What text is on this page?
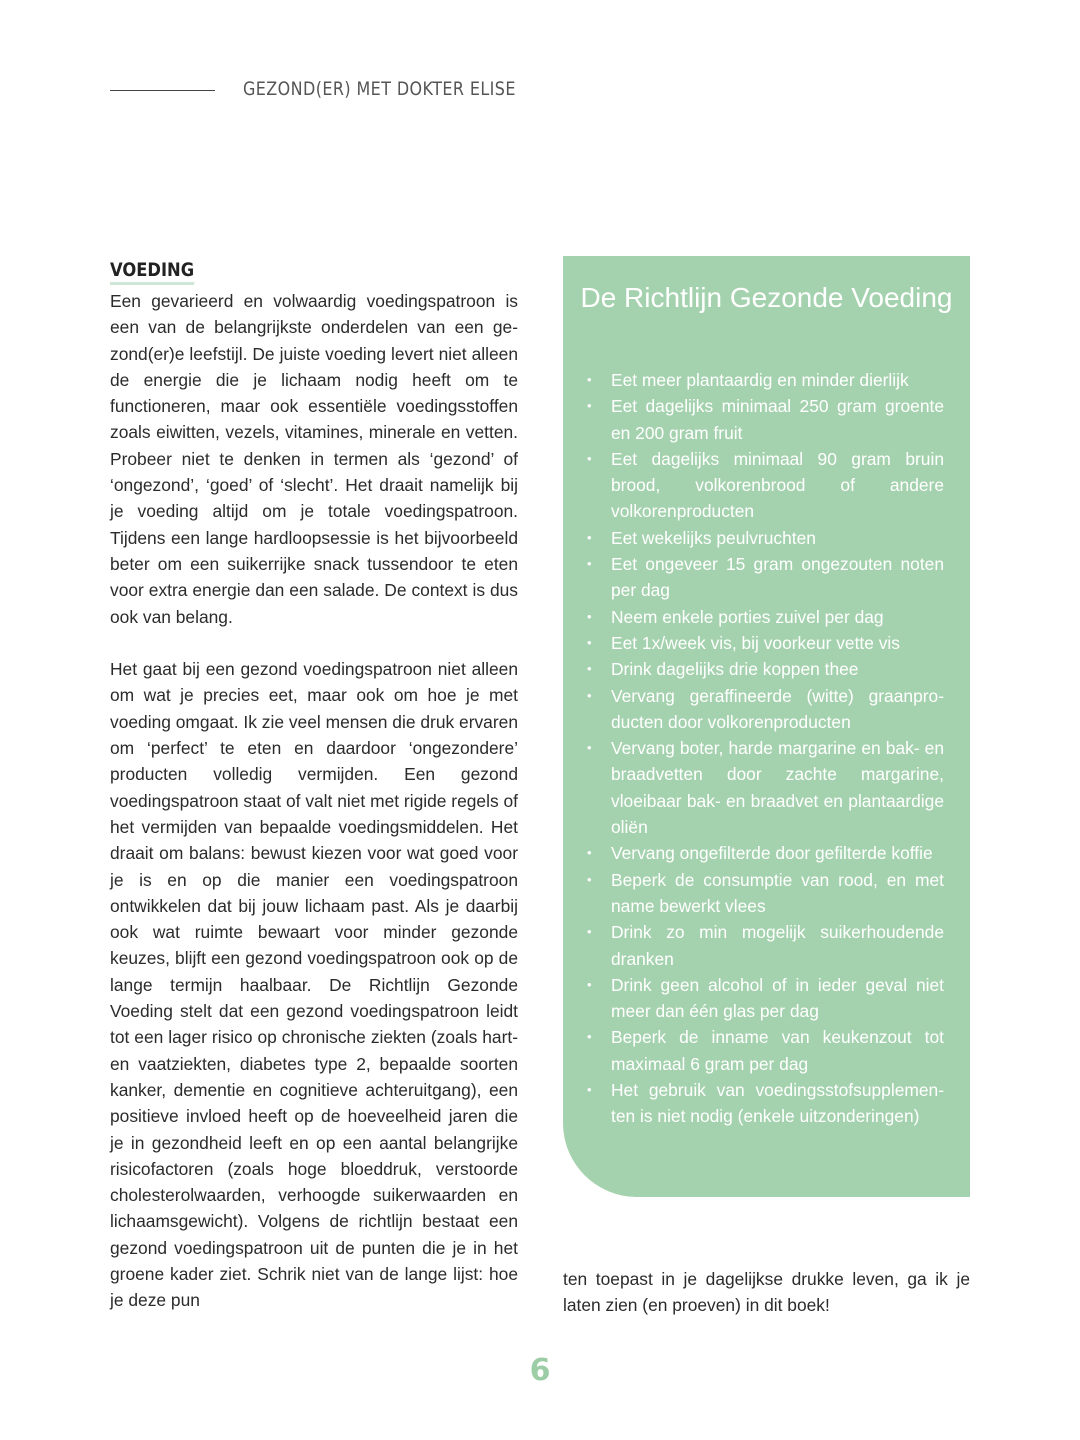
GEZOND(ER) MET DOKTER ELISE
VOEDING

Een gevarieerd en volwaardig voedingspatroon is een van de belangrijkste onderdelen van een gezond(er)e leefstijl. De juiste voeding levert niet alleen de energie die je lichaam nodig heeft om te functioneren, maar ook essentiële voedingsstoffen zoals eiwitten, vezels, vitamines, minerale en vetten. Probeer niet te denken in termen als ‘gezond’ of ‘ongezond’, ‘goed’ of ‘slecht’. Het draait namelijk bij je voeding altijd om je totale voedingspatroon. Tijdens een lange hardloopsessie is het bijvoorbeeld beter om een suikerrijke snack tussendoor te eten voor extra energie dan een salade. De context is dus ook van belang.

Het gaat bij een gezond voedingspatroon niet alleen om wat je precies eet, maar ook om hoe je met voeding omgaat. Ik zie veel mensen die druk ervaren om ‘perfect’ te eten en daardoor ‘ongezondere’ producten volledig vermijden. Een gezond voedingspatroon staat of valt niet met rigide regels of het vermijden van bepaalde voedingsmiddelen. Het draait om balans: bewust kiezen voor wat goed voor je is en op die manier een voedingspatroon ontwikkelen dat bij jouw lichaam past. Als je daarbij ook wat ruimte bewaart voor minder gezonde keuzes, blijft een gezond voedingspatroon ook op de lange termijn haalbaar. De Richtlijn Gezonde Voeding stelt dat een gezond voedingspatroon leidt tot een lager risico op chronische ziekten (zoals hart- en vaatziekten, diabetes type 2, bepaalde soorten kanker, dementie en cognitieve achteruitgang), een positieve invloed heeft op de hoeveelheid jaren die je in gezondheid leeft en op een aantal belangrijke risicofactoren (zoals hoge bloeddruk, verstoorde cholesterolwaarden, verhoogde suikerwaarden en lichaamsgewicht). Volgens de richtlijn bestaat een gezond voedingspatroon uit de punten die je in het groene kader ziet. Schrik niet van de lange lijst: hoe je deze pun

De Richtlijn Gezonde Voeding
• Eet meer plantaardig en minder dierlijk
• Eet dagelijks minimaal 250 gram groente en 200 gram fruit
• Eet dagelijks minimaal 90 gram bruin brood, volkorenbrood of andere volkorenproducten
• Eet wekelijks peulvruchten
• Eet ongeveer 15 gram ongezouten noten per dag
• Neem enkele porties zuivel per dag
• Eet 1x/week vis, bij voorkeur vette vis
• Drink dagelijks drie koppen thee
• Vervang geraffineerde (witte) graanproducten door volkorenproducten
• Vervang boter, harde margarine en bak- en braadvetten door zachte margarine, vloeibaar bak- en braadvet en plantaardige oliën
• Vervang ongefilterde door gefilterde koffie
• Beperk de consumptie van rood, en met name bewerkt vlees
• Drink zo min mogelijk suikerhoudende dranken
• Drink geen alcohol of in ieder geval niet meer dan één glas per dag
• Beperk de inname van keukenzout tot maximaal 6 gram per dag
• Het gebruik van voedingsstofsupplementen is niet nodig (enkele uitzonderingen)

ten toepast in je dagelijkse drukke leven, ga ik je laten zien (en proeven) in dit boek!

6
